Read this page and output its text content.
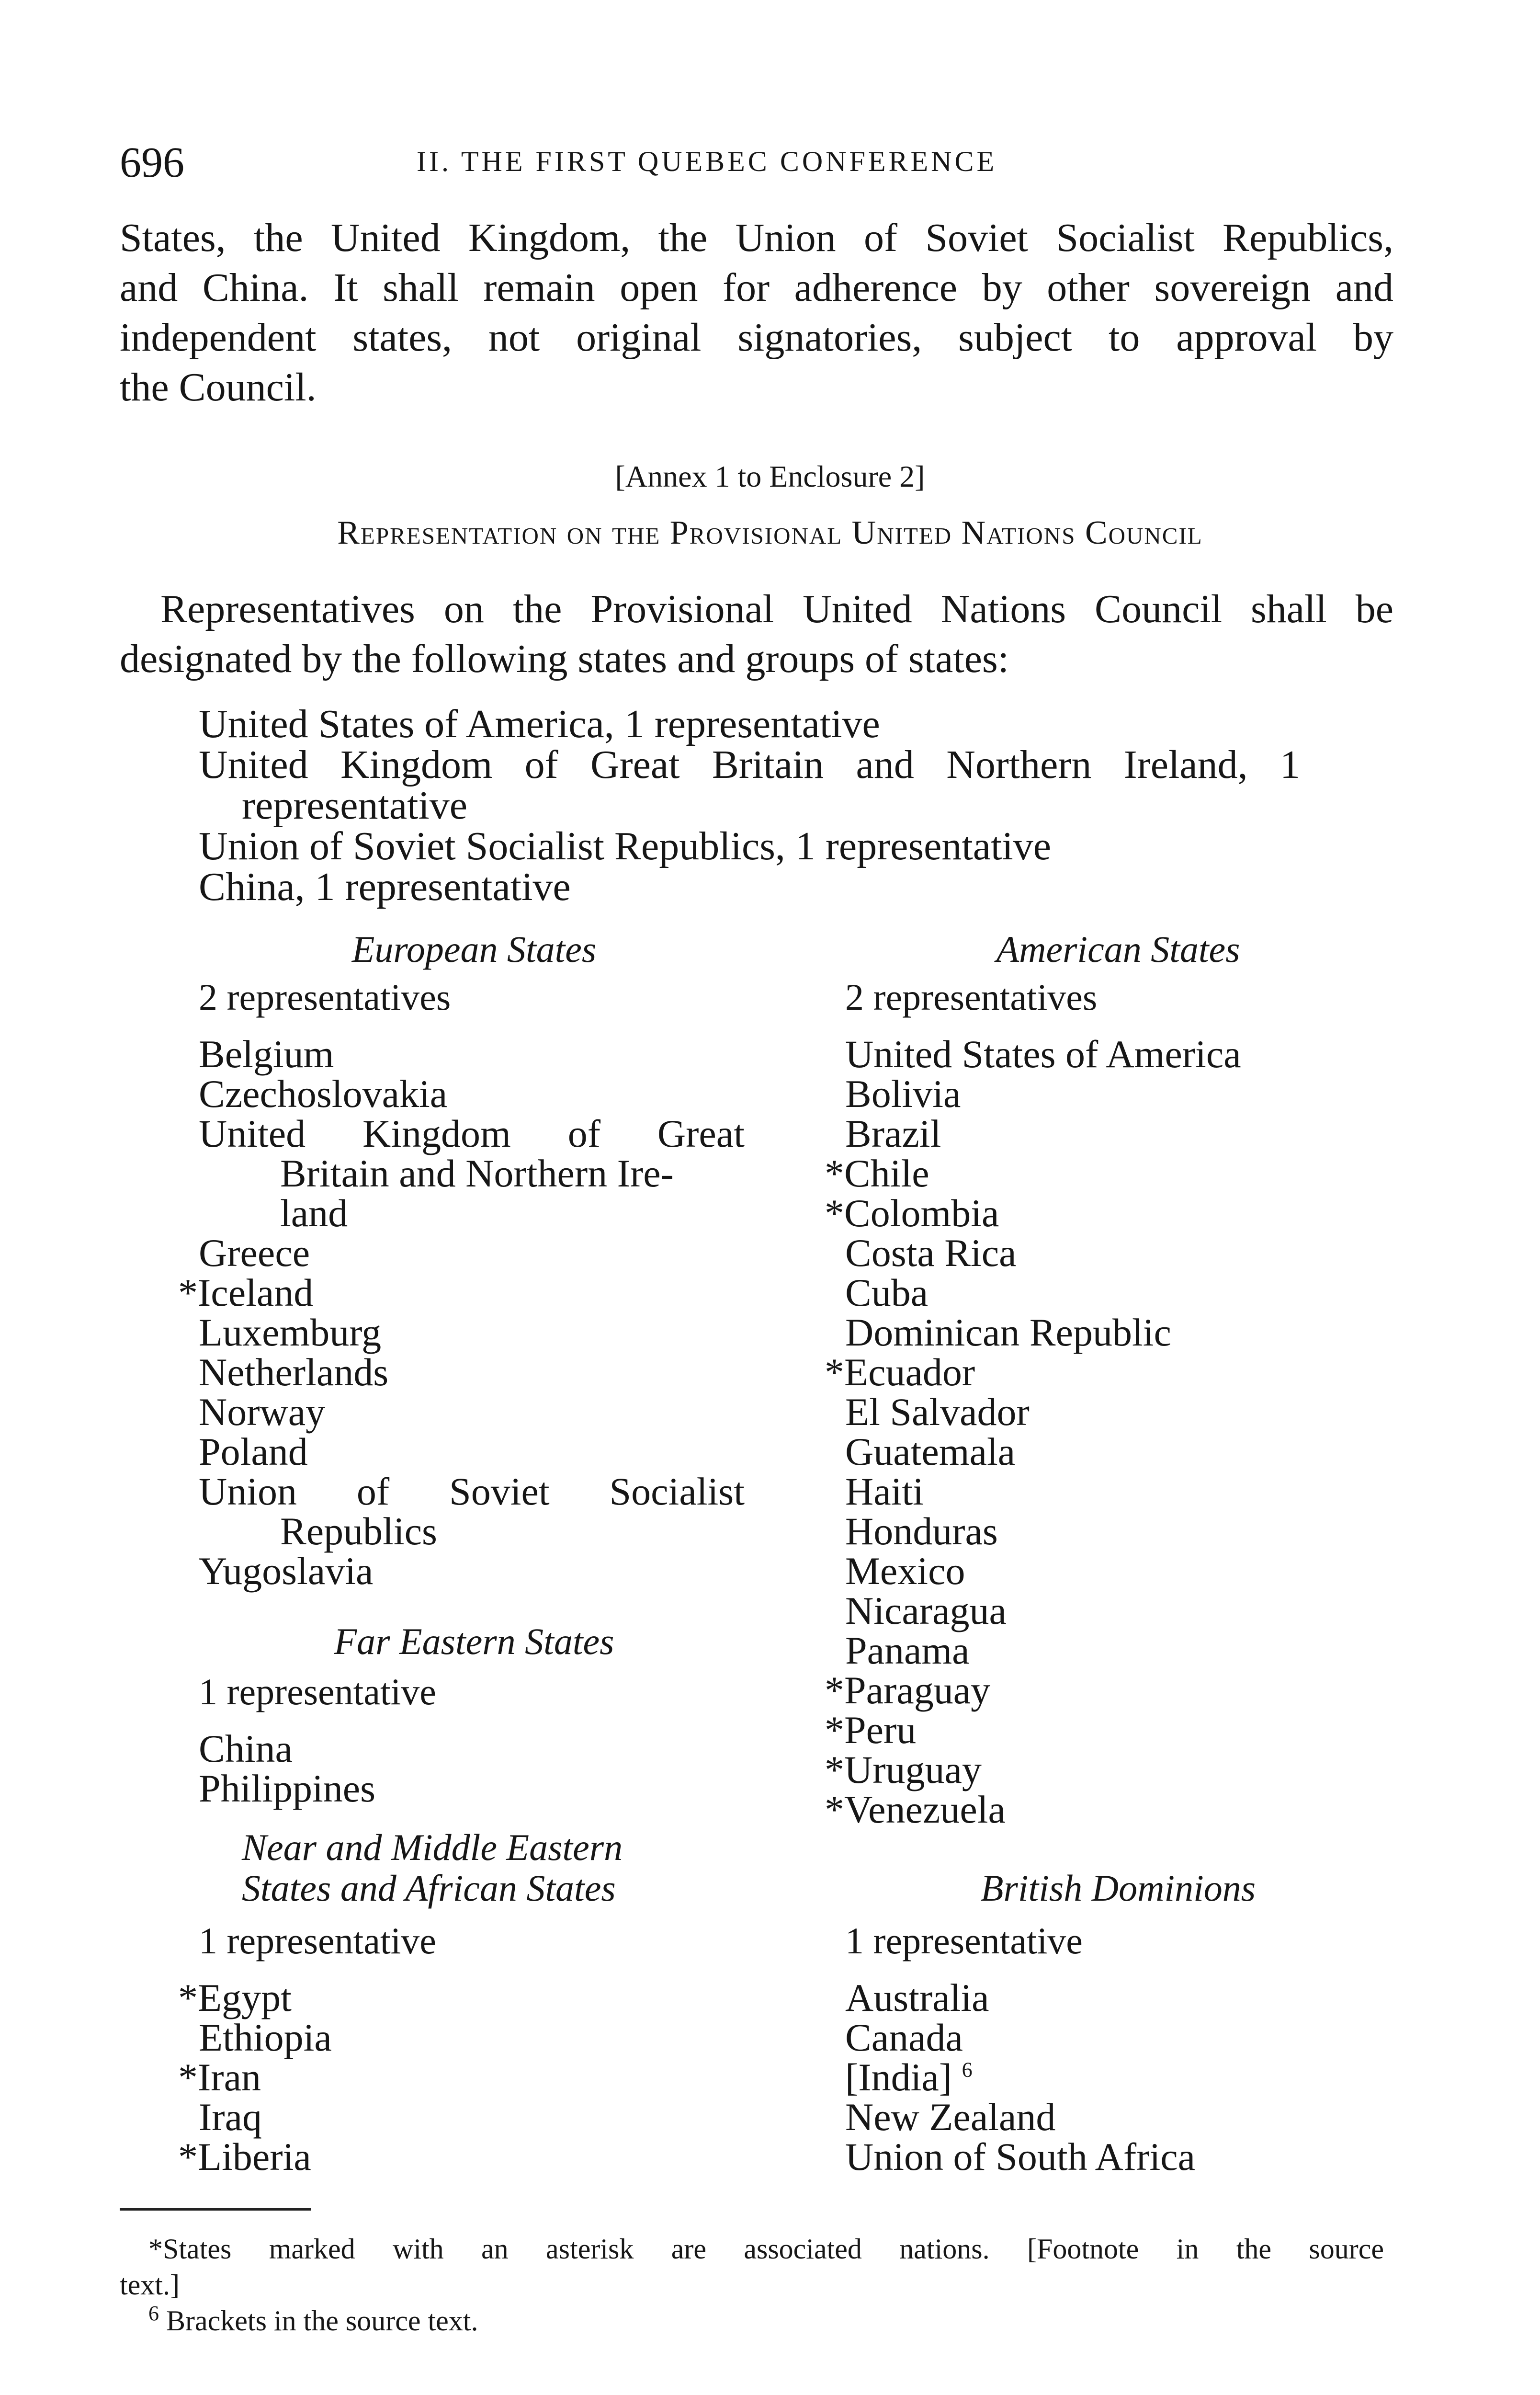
696	II. THE FIRST QUEBEC CONFERENCE
States, the United Kingdom, the Union of Soviet Socialist Republics,
and China. It shall remain open for adherence by other sovereign and
independent states, not original signatories, subject to approval by
the Council.
[Annex 1 to Enclosure 2]
Representation on the Provisional United Nations Council
Representatives on the Provisional United Nations Council shall be
designated by the following states and groups of states:
United States of America, 1 representative
United Kingdom of Great Britain and Northern Ireland, 1
representative
Union of Soviet Socialist Republics, 1 representative
China, 1 representative
European States
2 representatives
Belgium
Czechoslovakia
United Kingdom of Great
Britain and Northern Ire-
land
Greece
*Iceland
Luxemburg
Netherlands
Norway
Poland
Union of Soviet Socialist
Republics
Yugoslavia
Far Eastern States
1 representative
China
Philippines
Near and Middle Eastern
States and African States
1 representative
*Egypt
Ethiopia
*Iran
Iraq
*Liberia
American States
2 representatives
United States of America
Bolivia
Brazil
*Chile
*Colombia
Costa Rica
Cuba
Dominican Republic
*Ecuador
El Salvador
Guatemala
Haiti
Honduras
Mexico
Nicaragua
Panama
*Paraguay
*Peru
*Uruguay
*Venezuela
British Dominions
1 representative
Australia
Canada
[India] $^6$
New Zealand
Union of South Africa
*States marked with an asterisk are associated nations. [Footnote in the source
text.]
$^6$ Brackets in the source text.
